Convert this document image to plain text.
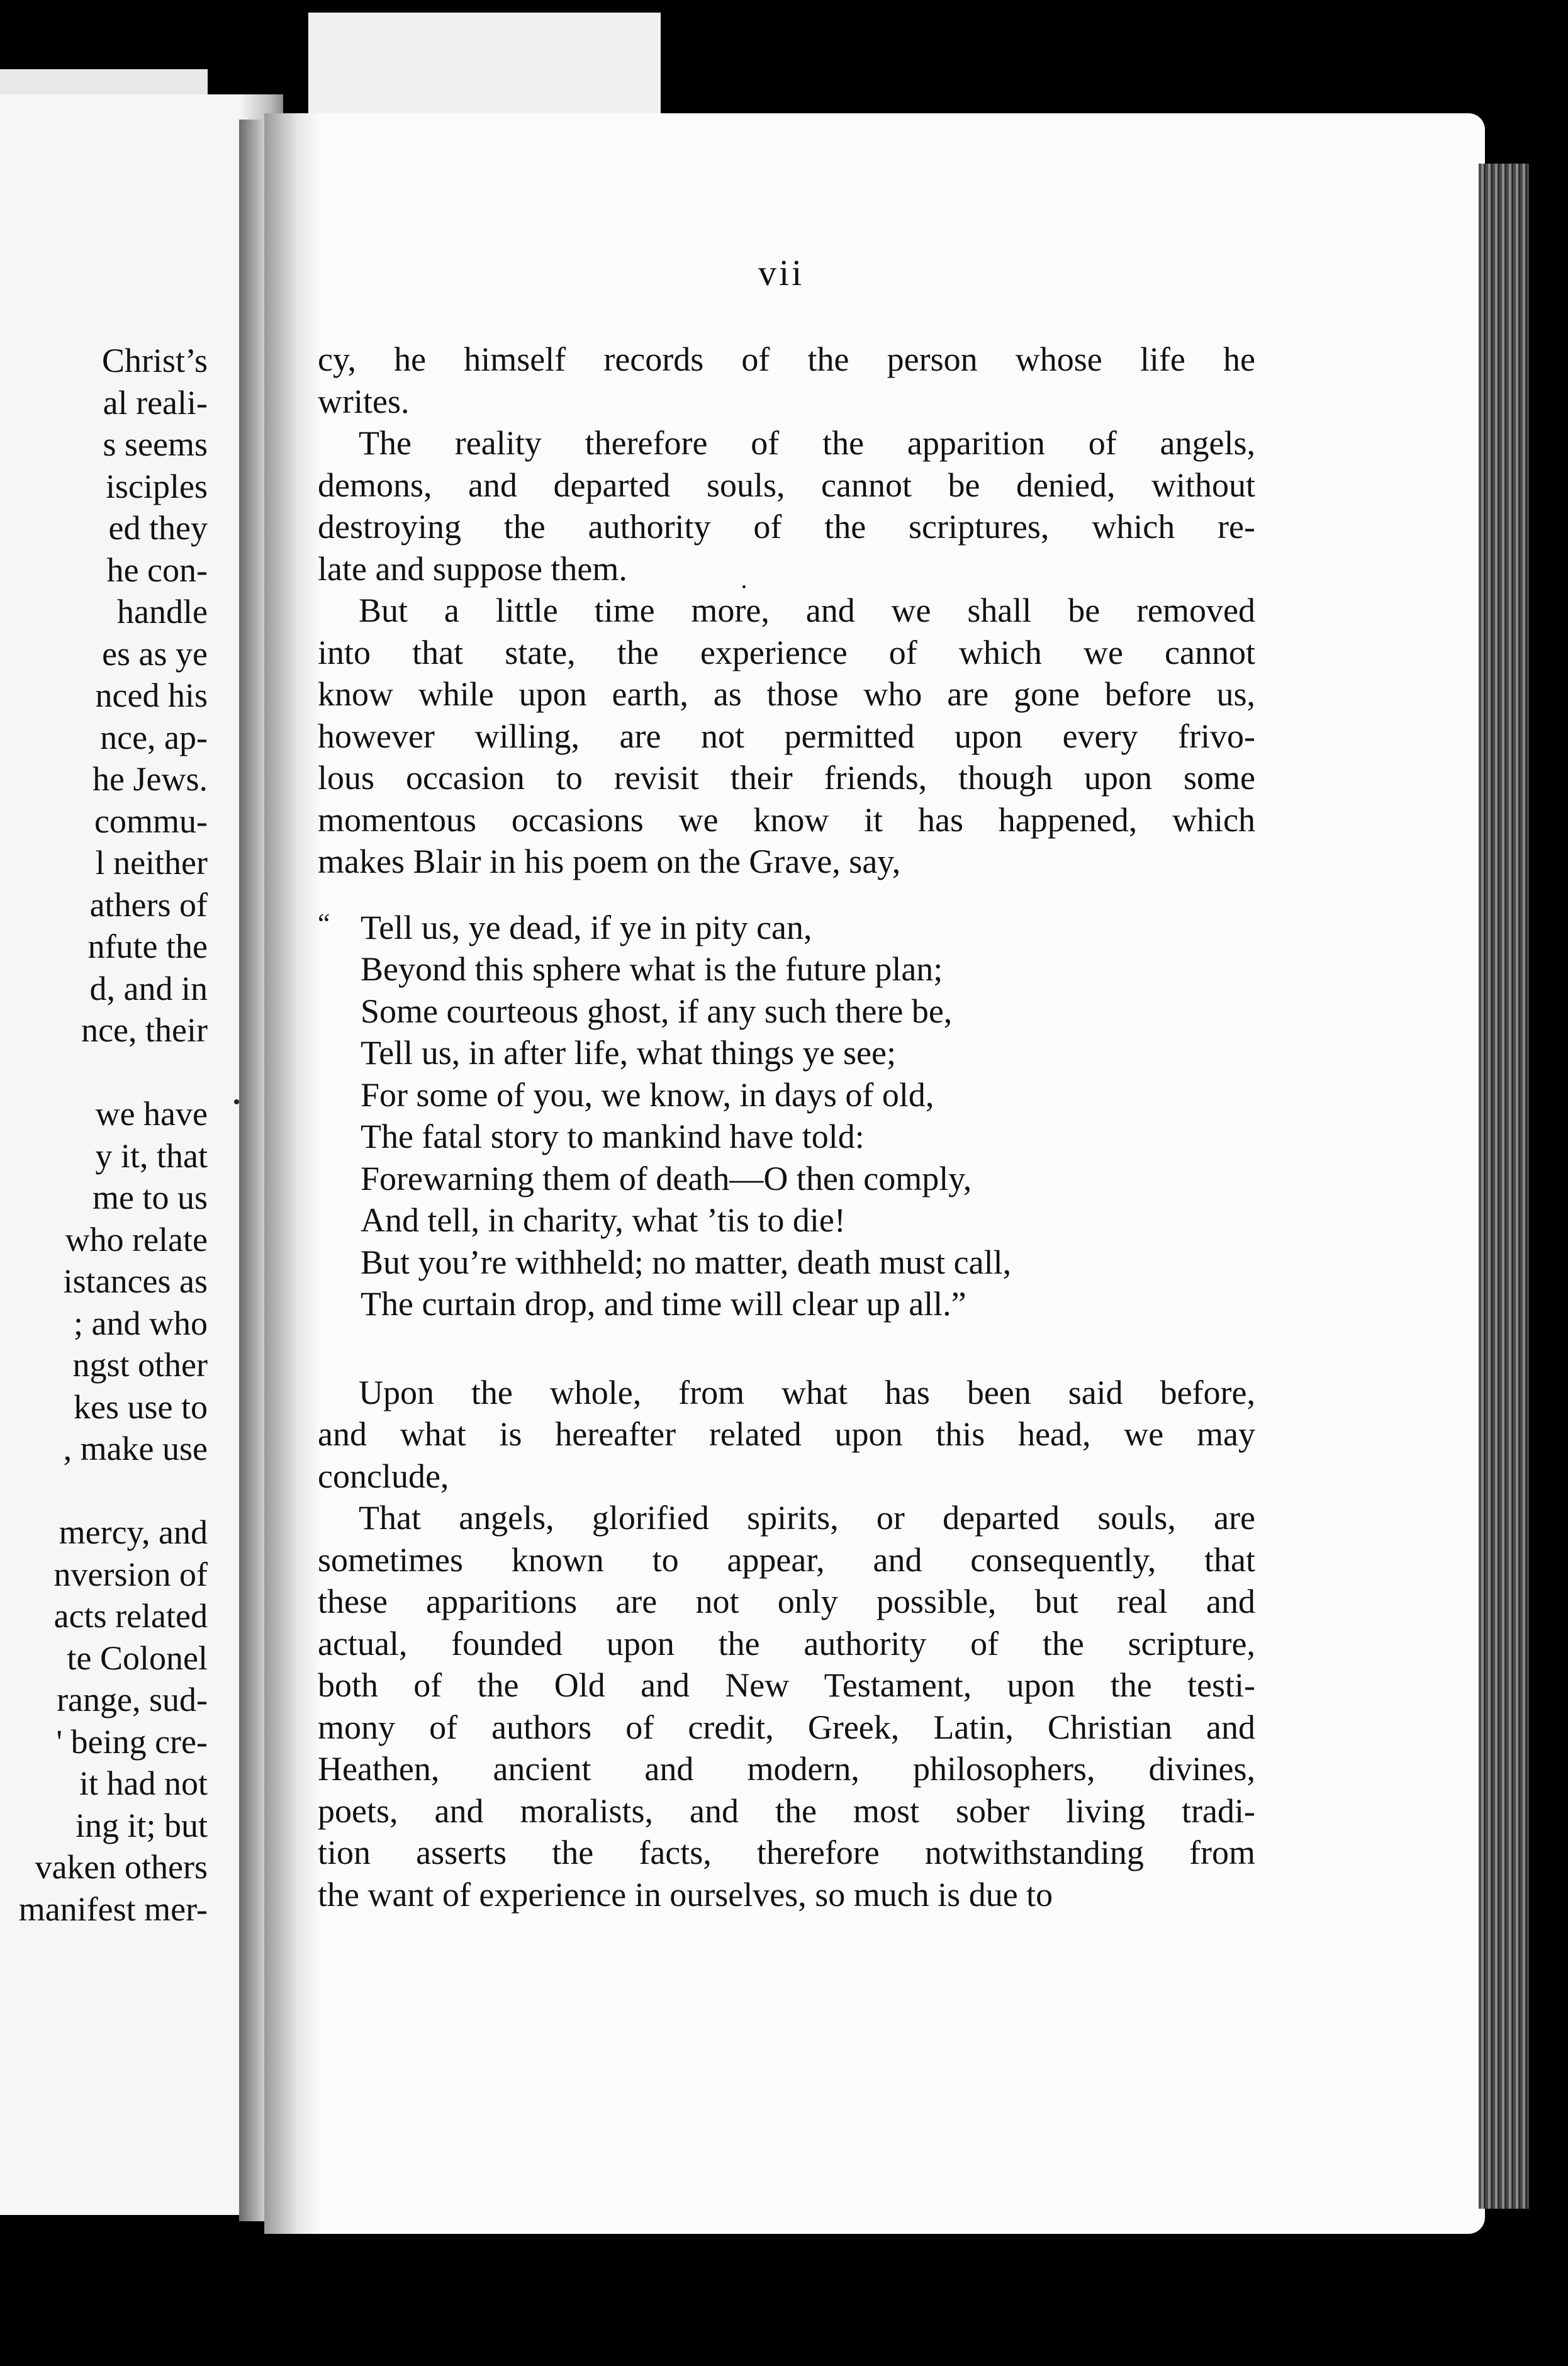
Christ’s
al reali-
s seems
isciples
ed they
he con-
handle
es as ye
nced his
nce, ap-
he Jews.
commu-
l neither
athers of
nfute the
d, and in
nce, their
we have
y it, that
me to us
who relate
istances as
; and who
ngst other
kes use to
, make use
mercy, and
nversion of
acts related
te Colonel
range, sud-
' being cre-
it had not
ing it; but
vaken others
manifest mer-
vii
cy, he himself records of the person whose life he
writes.
The reality therefore of the apparition of angels,
demons, and departed souls, cannot be denied, without
destroying the authority of the scriptures, which re-
late and suppose them.
But a little time more, and we shall be removed
into that state, the experience of which we cannot
know while upon earth, as those who are gone before us,
however willing, are not permitted upon every frivo-
lous occasion to revisit their friends, though upon some
momentous occasions we know it has happened, which
makes Blair in his poem on the Grave, say,
“ Tell us, ye dead, if ye in pity can,
Beyond this sphere what is the future plan;
Some courteous ghost, if any such there be,
Tell us, in after life, what things ye see;
For some of you, we know, in days of old,
The fatal story to mankind have told:
Forewarning them of death—O then comply,
And tell, in charity, what ’tis to die!
But you’re withheld; no matter, death must call,
The curtain drop, and time will clear up all.”
Upon the whole, from what has been said before,
and what is hereafter related upon this head, we may
conclude,
That angels, glorified spirits, or departed souls, are
sometimes known to appear, and consequently, that
these apparitions are not only possible, but real and
actual, founded upon the authority of the scripture,
both of the Old and New Testament, upon the testi-
mony of authors of credit, Greek, Latin, Christian and
Heathen, ancient and modern, philosophers, divines,
poets, and moralists, and the most sober living tradi-
tion asserts the facts, therefore notwithstanding from
the want of experience in ourselves, so much is due to
